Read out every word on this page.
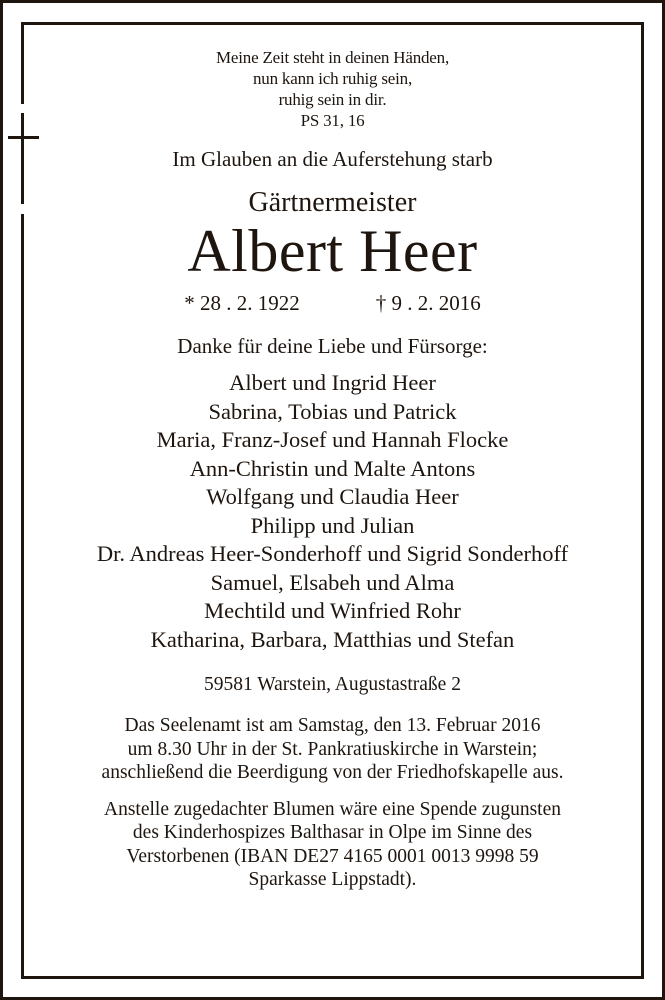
Meine Zeit steht in deinen Händen,
nun kann ich ruhig sein,
ruhig sein in dir.
PS 31, 16
Im Glauben an die Auferstehung starb
Gärtnermeister
Albert Heer
* 28 . 2. 1922	† 9 . 2. 2016
Danke für deine Liebe und Fürsorge:
Albert und Ingrid Heer
Sabrina, Tobias und Patrick
Maria, Franz-Josef und Hannah Flocke
Ann-Christin und Malte Antons
Wolfgang und Claudia Heer
Philipp und Julian
Dr. Andreas Heer-Sonderhoff und Sigrid Sonderhoff
Samuel, Elsabeh und Alma
Mechtild und Winfried Rohr
Katharina, Barbara, Matthias und Stefan
59581 Warstein, Augustastraße 2
Das Seelenamt ist am Samstag, den 13. Februar 2016
um 8.30 Uhr in der St. Pankratiuskirche in Warstein;
anschließend die Beerdigung von der Friedhofskapelle aus.
Anstelle zugedachter Blumen wäre eine Spende zugunsten
des Kinderhospizes Balthasar in Olpe im Sinne des
Verstorbenen (IBAN DE27 4165 0001 0013 9998 59
Sparkasse Lippstadt).
